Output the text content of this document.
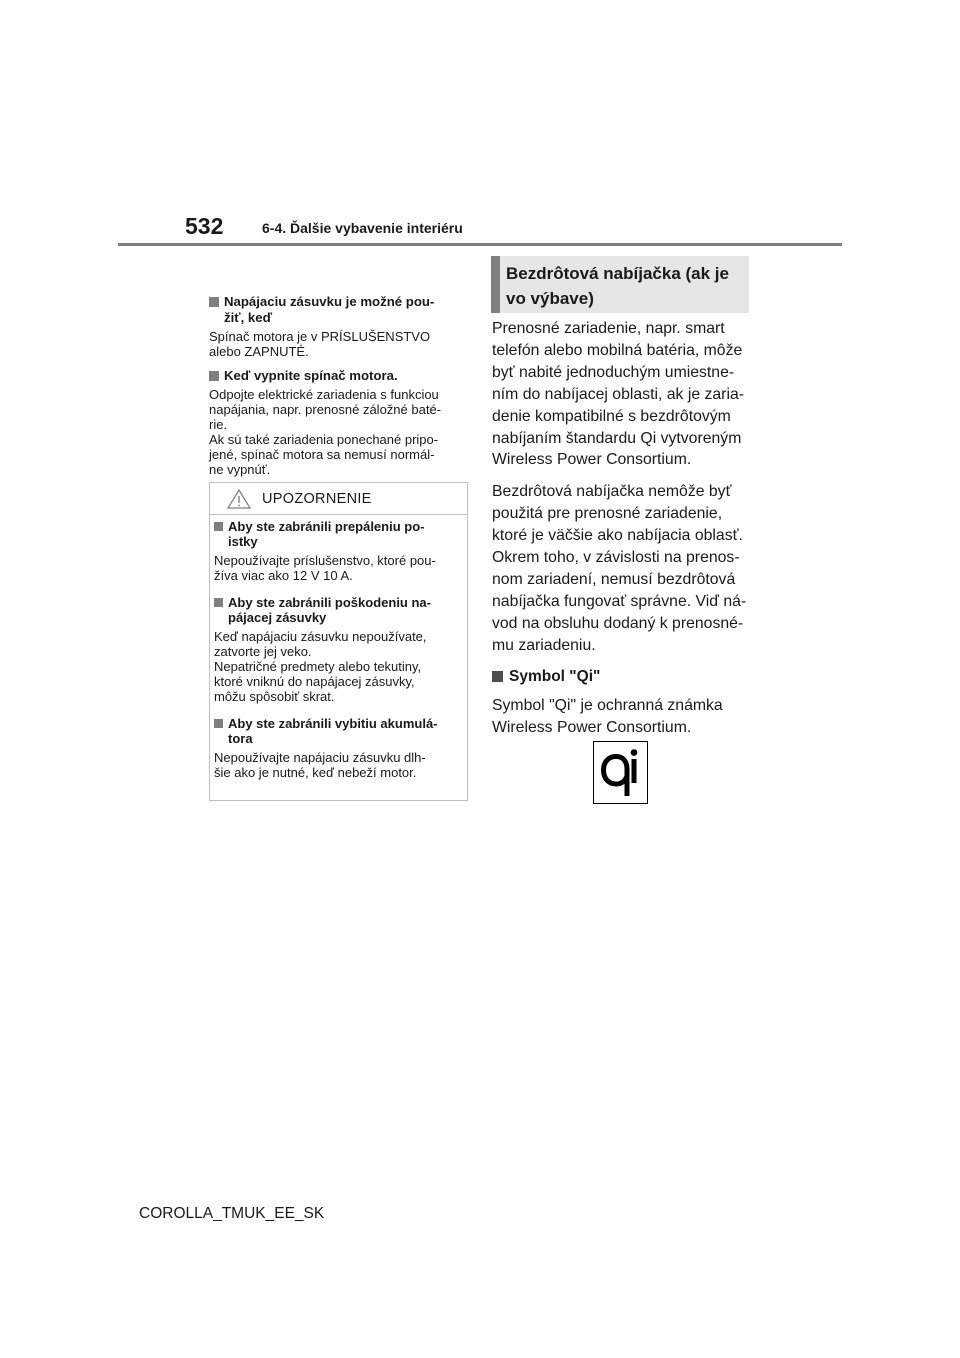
532	6-4. Ďalšie vybavenie interiéru
Napájaciu zásuvku je možné pou-
žiť, keď
Spínač motora je v PRÍSLUŠENSTVO
alebo ZAPNUTÉ.
Keď vypnite spínač motora.
Odpojte elektrické zariadenia s funkciou
napájania, napr. prenosné záložné baté-
rie.
Ak sú také zariadenia ponechané pripo-
jené, spínač motora sa nemusí normál-
ne vypnúť.
UPOZORNENIE
Aby ste zabránili prepáleniu po-
istky
Nepoužívajte príslušenstvo, ktoré pou-
žíva viac ako 12 V 10 A.
Aby ste zabránili poškodeniu na-
pájacej zásuvky
Keď napájaciu zásuvku nepoužívate,
zatvorte jej veko.
Nepatričné predmety alebo tekutiny,
ktoré vniknú do napájacej zásuvky,
môžu spôsobiť skrat.
Aby ste zabránili vybitiu akumulá-
tora
Nepoužívajte napájaciu zásuvku dlh-
šie ako je nutné, keď nebeží motor.
Bezdrôtová nabíjačka (ak je
vo výbave)
Prenosné zariadenie, napr. smart
telefón alebo mobilná batéria, môže
byť nabité jednoduchým umiestne-
ním do nabíjacej oblasti, ak je zaria-
denie kompatibilné s bezdrôtovým
nabíjaním štandardu Qi vytvoreným
Wireless Power Consortium.
Bezdrôtová nabíjačka nemôže byť
použitá pre prenosné zariadenie,
ktoré je väčšie ako nabíjacia oblasť.
Okrem toho, v závislosti na prenos-
nom zariadení, nemusí bezdrôtová
nabíjačka fungovať správne. Viď ná-
vod na obsluhu dodaný k prenosné-
mu zariadeniu.
Symbol "Qi"
Symbol "Qi" je ochranná známka
Wireless Power Consortium.
COROLLA_TMUK_EE_SK
